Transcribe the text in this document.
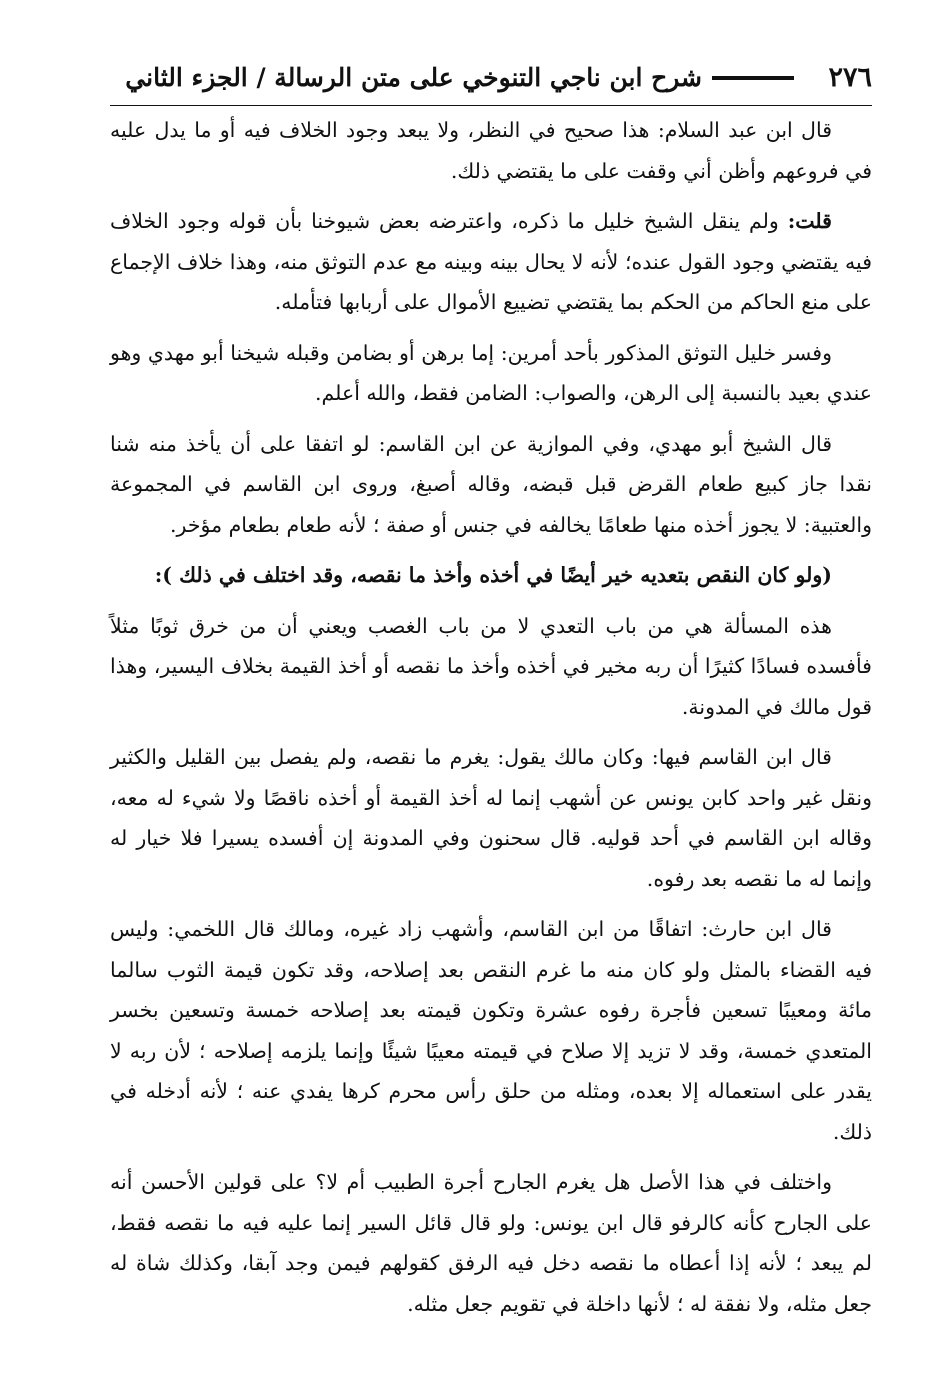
٢٧٦
شرح ابن ناجي التنوخي على متن الرسالة / الجزء الثاني

قال ابن عبد السلام: هذا صحيح في النظر، ولا يبعد وجود الخلاف فيه أو ما يدل عليه في فروعهم وأظن أني وقفت على ما يقتضي ذلك.

قلت: ولم ينقل الشيخ خليل ما ذكره، واعترضه بعض شيوخنا بأن قوله وجود الخلاف فيه يقتضي وجود القول عنده؛ لأنه لا يحال بينه وبينه مع عدم التوثق منه، وهذا خلاف الإجماع على منع الحاكم من الحكم بما يقتضي تضييع الأموال على أربابها فتأمله.

وفسر خليل التوثق المذكور بأحد أمرين: إما برهن أو بضامن وقبله شيخنا أبو مهدي وهو عندي بعيد بالنسبة إلى الرهن، والصواب: الضامن فقط، والله أعلم.

قال الشيخ أبو مهدي، وفي الموازية عن ابن القاسم: لو اتفقا على أن يأخذ منه شنا نقدا جاز كبيع طعام القرض قبل قبضه، وقاله أصبغ، وروى ابن القاسم في المجموعة والعتبية: لا يجوز أخذه منها طعامًا يخالفه في جنس أو صفة ؛ لأنه طعام بطعام مؤخر.

(ولو كان النقص بتعديه خير أيضًا في أخذه وأخذ ما نقصه، وقد اختلف في ذلك ):

هذه المسألة هي من باب التعدي لا من باب الغصب ويعني أن من خرق ثوبًا مثلاً فأفسده فسادًا كثيرًا أن ربه مخير في أخذه وأخذ ما نقصه أو أخذ القيمة بخلاف اليسير، وهذا قول مالك في المدونة.

قال ابن القاسم فيها: وكان مالك يقول: يغرم ما نقصه، ولم يفصل بين القليل والكثير ونقل غير واحد كابن يونس عن أشهب إنما له أخذ القيمة أو أخذه ناقصًا ولا شيء له معه، وقاله ابن القاسم في أحد قوليه. قال سحنون وفي المدونة إن أفسده يسيرا فلا خيار له وإنما له ما نقصه بعد رفوه.

قال ابن حارث: اتفاقًا من ابن القاسم، وأشهب زاد غيره، ومالك قال اللخمي: وليس فيه القضاء بالمثل ولو كان منه ما غرم النقص بعد إصلاحه، وقد تكون قيمة الثوب سالما مائة ومعيبًا تسعين فأجرة رفوه عشرة وتكون قيمته بعد إصلاحه خمسة وتسعين بخسر المتعدي خمسة، وقد لا تزيد إلا صلاح في قيمته معيبًا شيئًا وإنما يلزمه إصلاحه ؛ لأن ربه لا يقدر على استعماله إلا بعده، ومثله من حلق رأس محرم كرها يفدي عنه ؛ لأنه أدخله في ذلك.

واختلف في هذا الأصل هل يغرم الجارح أجرة الطبيب أم لا؟ على قولين الأحسن أنه على الجارح كأنه كالرفو قال ابن يونس: ولو قال قائل السير إنما عليه فيه ما نقصه فقط، لم يبعد ؛ لأنه إذا أعطاه ما نقصه دخل فيه الرفق كقولهم فيمن وجد آبقا، وكذلك شاة له جعل مثله، ولا نفقة له ؛ لأنها داخلة في تقويم جعل مثله.
